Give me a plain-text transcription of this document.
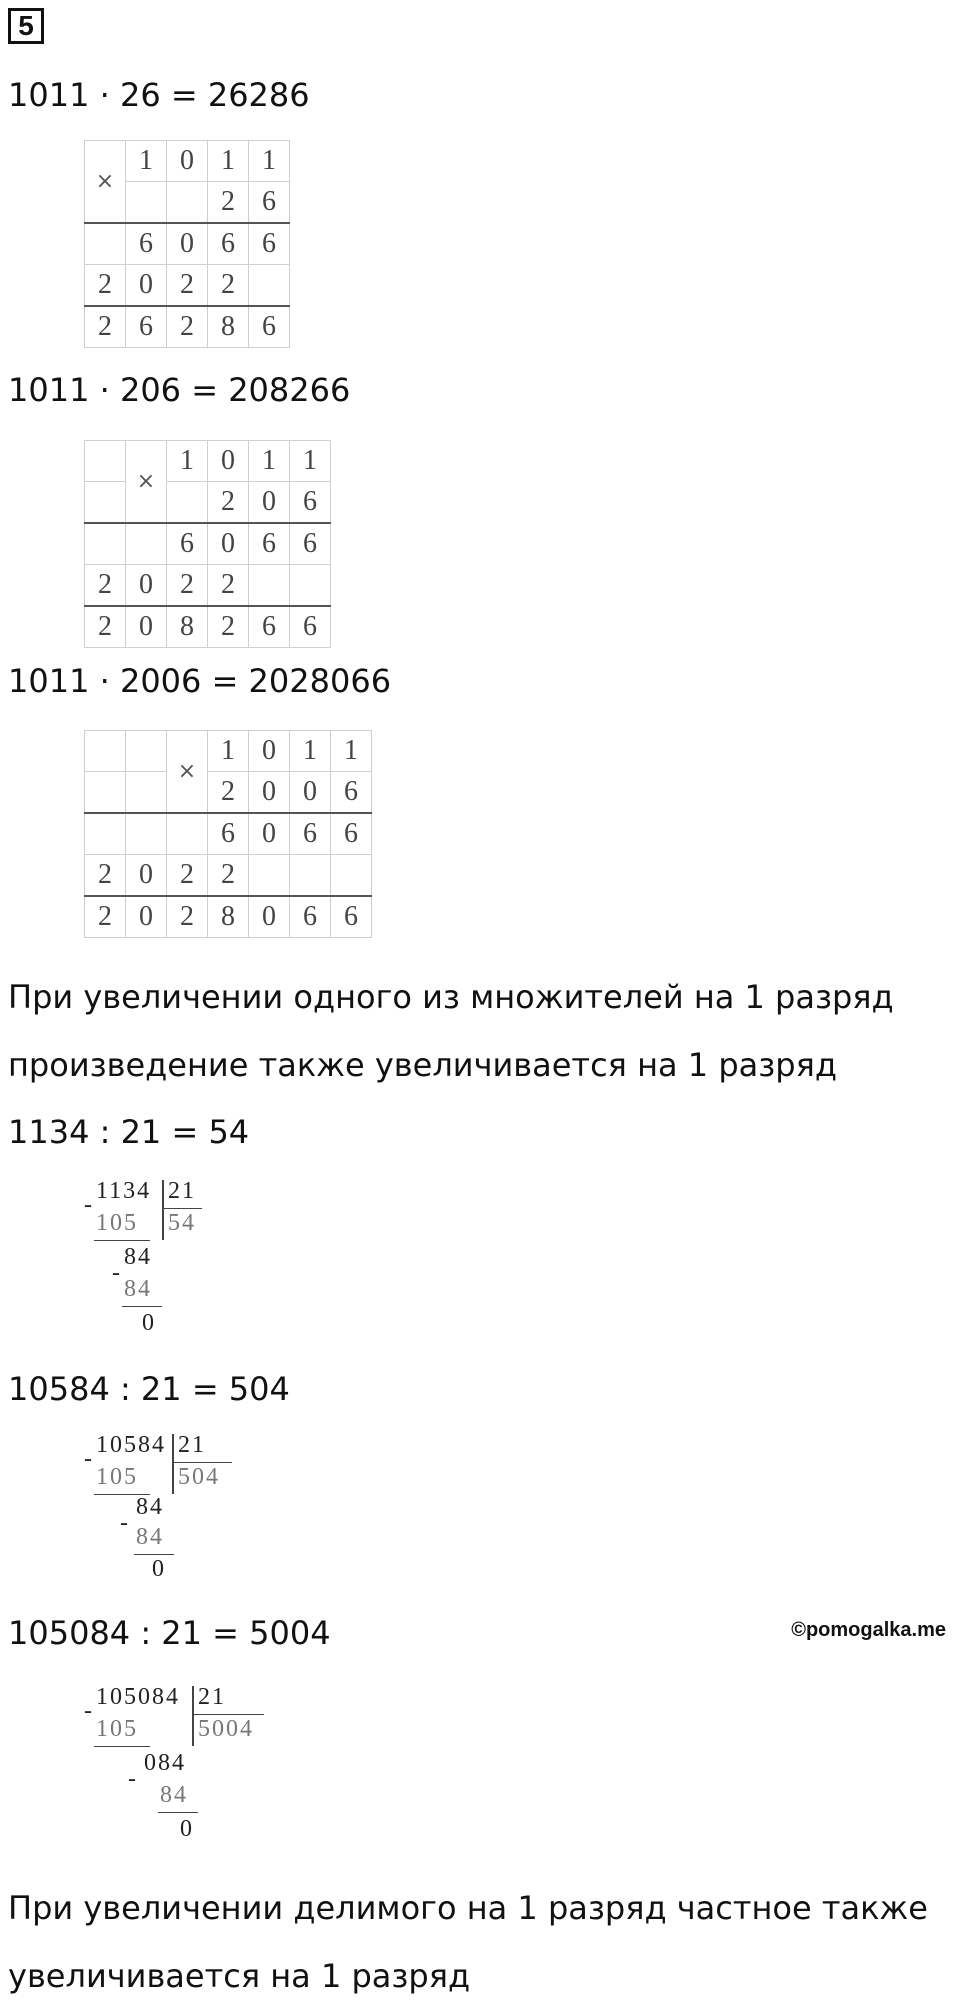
5
1011 · 26 = 26286
×	1	0	1	1
			2	6
	6	0	6	6
2	0	2	2	
2	6	2	8	6
1011 · 206 = 208266
	×	1	0	1	1
			2	0	6
		6	0	6	6
2	0	2	2		
2	0	8	2	6	6
1011 · 2006 = 2028066
		×	1	0	1	1
			2	0	0	6
			6	0	6	6
2	0	2	2			
2	0	2	8	0	6	6
При увеличении одного из множителей на 1 разряд
произведение также увеличивается на 1 разряд
1134 : 21 = 54
-
1134 21
54
105
-
84
84
0
10584 : 21 = 504
-
10584 21
504
105
-
84
84
0
105084 : 21 = 5004	©pomogalka.me
-
105084 21
5004
105
-
084
84
0
При увеличении делимого на 1 разряд частное также
увеличивается на 1 разряд
